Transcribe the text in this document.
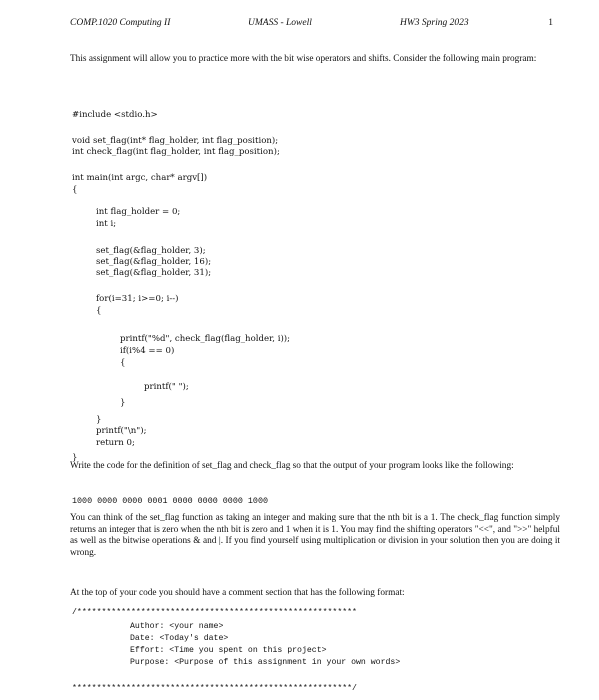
COMP.1020 Computing II	UMASS - Lowell	HW3 Spring 2023	1
This assignment will allow you to practice more with the bit wise operators and shifts. Consider the following main program:
#include <stdio.h>
void set_flag(int* flag_holder, int flag_position);
int check_flag(int flag_holder, int flag_position);
int main(int argc, char* argv[])
{
int flag_holder = 0;
int i;
set_flag(&flag_holder, 3);
set_flag(&flag_holder, 16);
set_flag(&flag_holder, 31);
for(i=31; i>=0; i--)
{
printf("%d", check_flag(flag_holder, i));
if(i%4 == 0)
{
printf(" ");
}
}
printf("\n");
return 0;
}
Write the code for the definition of set_flag and check_flag so that the output of your program looks like the following:
1000 0000 0000 0001 0000 0000 0000 1000
You can think of the set_flag function as taking an integer and making sure that the nth bit is a 1. The check_flag function simply returns an integer that is zero when the nth bit is zero and 1 when it is 1. You may find the shifting operators "<<", and ">>" helpful as well as the bitwise operations & and |. If you find yourself using multiplication or division in your solution then you are doing it wrong.
At the top of your code you should have a comment section that has the following format:
/*********************************************************
Author: <your name>
Date: <Today's date>
Effort: <Time you spent on this project>
Purpose: <Purpose of this assignment in your own words>
*********************************************************/
